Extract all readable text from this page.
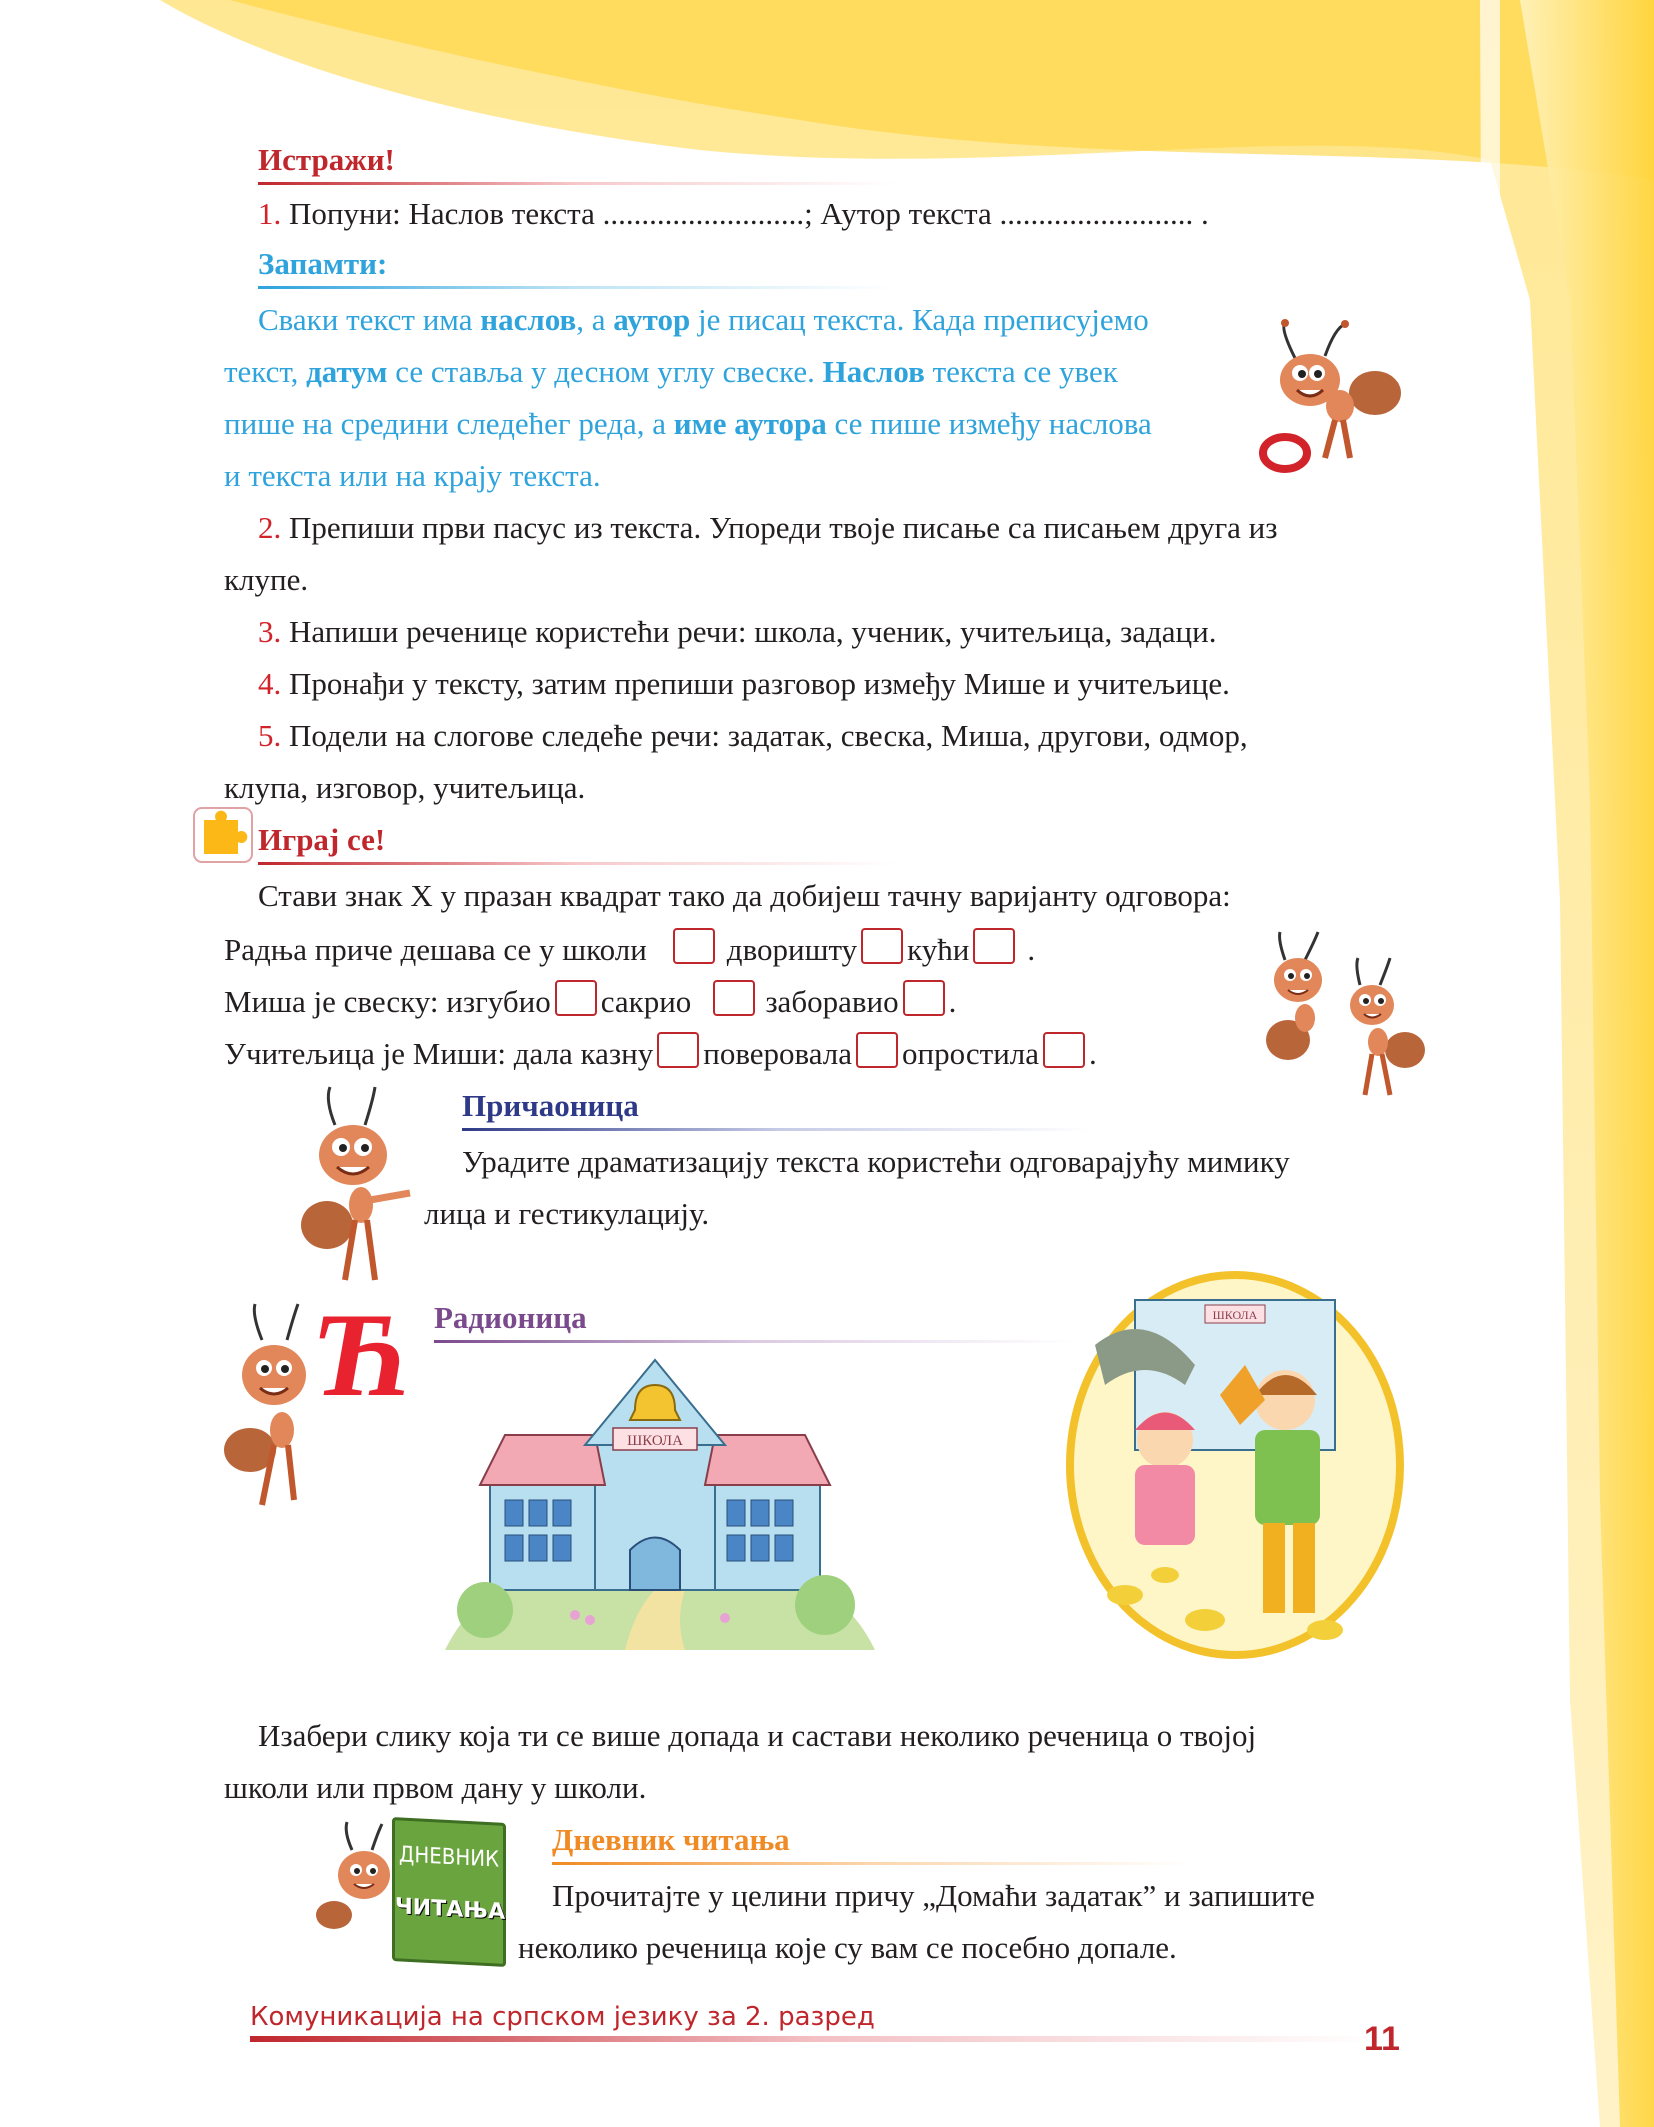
Истражи!
1. Попуни: Наслов текста ..........................; Аутор текста ......................... .
Запамти:
Сваки текст има наслов, а аутор је писац текста. Када преписујемо
текст, датум се ставља у десном углу свеске. Наслов текста се увек
пише на средини следећег реда, а име аутора се пише између наслова
и текста или на крају текста.
2. Препиши први пасус из текста. Упореди твоје писање са писањем друга из
клупе.
3. Напиши реченице користећи речи: школа, ученик, учитељица, задаци.
4. Пронађи у тексту, затим препиши разговор између Мише и учитељице.
5. Подели на слогове следеће речи: задатак, свеска, Миша, другови, одмор,
клупа, изговор, учитељица.
Играј се!
Стави знак X у празан квадрат тако да добијеш тачну варијанту одговора:
Радња приче дешава се у школи	дворишту кући .
Миша је свеску: изгубио сакрио заборавио .
Учитељица је Миши: дала казну поверовала опростила .
Причаоница
Урадите драматизацију текста користећи одговарајућу мимику
лица и гестикулацију.
Ћ Радионица
ШКОЛА
ШКОЛА
Изабери слику која ти се више допада и састави неколико реченица о твојој
школи или првом дану у школи.
ДНЕВНИК
ЧИТАЊА
Дневник читања
Прочитајте у целини причу „Домаћи задатак” и запишите
неколико реченица које су вам се посебно допале.
Комуникација на српском језику за 2. разред
11
